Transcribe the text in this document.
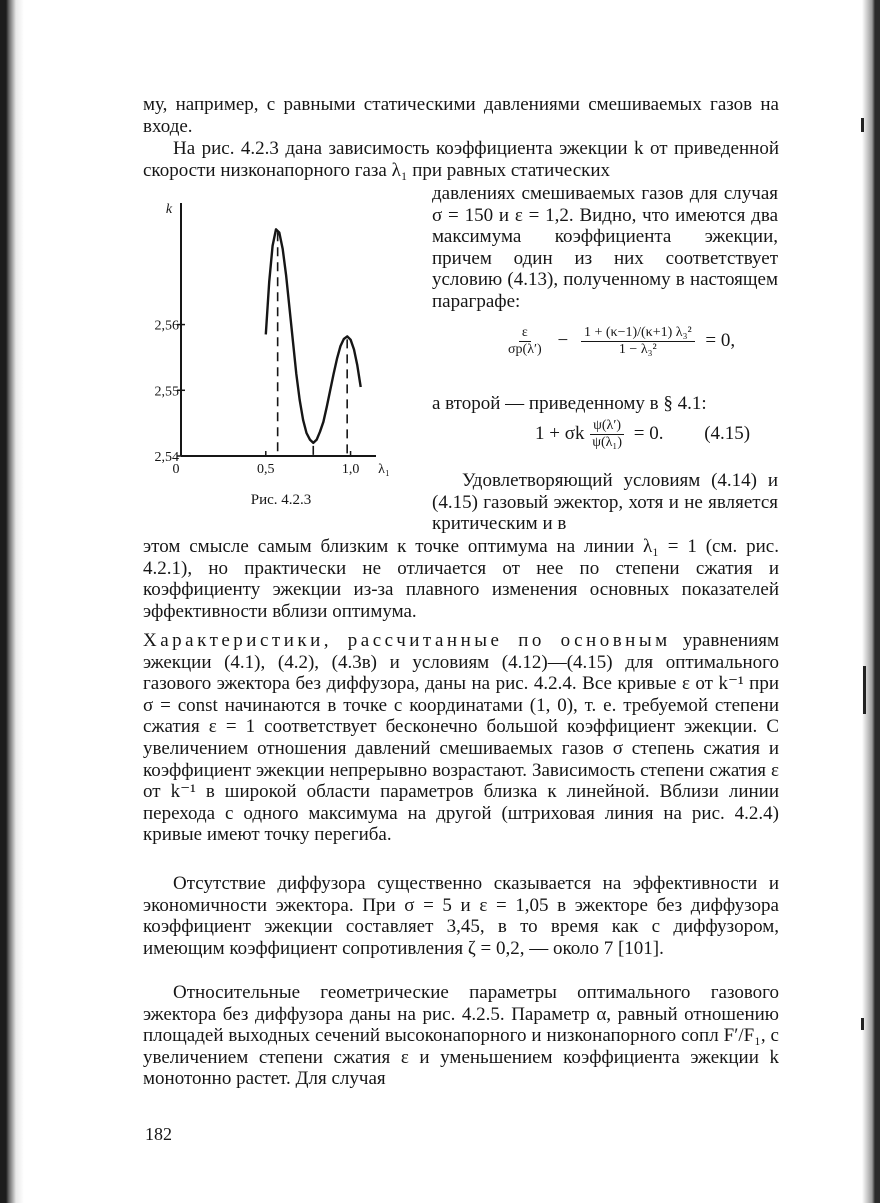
му, например, с равными статическими давлениями смешиваемых газов на входе.

На рис. 4.2.3 дана зависимость коэффициента эжекции k от приведенной скорости низконапорного газа λ₁ при равных статических

давлениях смешиваемых газов для случая σ = 150 и ε = 1,2. Видно, что имеются два максимума коэффициента эжекции, причем один из них соответствует условию (4.13), полученному в настоящем параграфе:

$\frac{\varepsilon}{\sigma p(\lambda')} - \frac{\text{1 + (κ−1)/(κ+1) λ₃²}}{\text{1 − λ₃²}} = 0$,

а второй — приведенному в § 4.1:

1 + σk $\frac{\psi(\lambda')}{\text{ψ(λ₁)}} = 0$. (4.15)

Удовлетворяющий условиям (4.14) и (4.15) газовый эжектор, хотя и не является критическим и в

этом смысле самым близким к точке оптимума на линии λ₁ = 1 (см. рис. 4.2.1), но практически не отличается от нее по степени сжатия и коэффициенту эжекции из-за плавного изменения основных показателей эффективности вблизи оптимума.

Характеристики, рассчитанные по основным уравнениям эжекции (4.1), (4.2), (4.3в) и условиям (4.12)—(4.15) для оптимального газового эжектора без диффузора, даны на рис. 4.2.4. Все кривые ε от k⁻¹ при σ = const начинаются в точке с координатами (1, 0), т. е. требуемой степени сжатия ε = 1 соответствует бесконечно большой коэффициент эжекции. С увеличением отношения давлений смешиваемых газов σ степень сжатия и коэффициент эжекции непрерывно возрастают. Зависимость степени сжатия ε от k⁻¹ в широкой области параметров близка к линейной. Вблизи линии перехода с одного максимума на другой (штриховая линия на рис. 4.2.4) кривые имеют точку перегиба.

Отсутствие диффузора существенно сказывается на эффективности и экономичности эжектора. При σ = 5 и ε = 1,05 в эжекторе без диффузора коэффициент эжекции составляет 3,45, в то время как с диффузором, имеющим коэффициент сопротивления ζ = 0,2, — около 7 [101].

Относительные геометрические параметры оптимального газового эжектора без диффузора даны на рис. 4.2.5. Параметр α, равный отношению площадей выходных сечений высоконапорного и низконапорного сопл F′/F₁, с увеличением степени сжатия ε и уменьшением коэффициента эжекции k монотонно растет. Для случая

182
2,54
2,55
2,56
0	0,5	1,0
k
λ₁
Рис. 4.2.3
